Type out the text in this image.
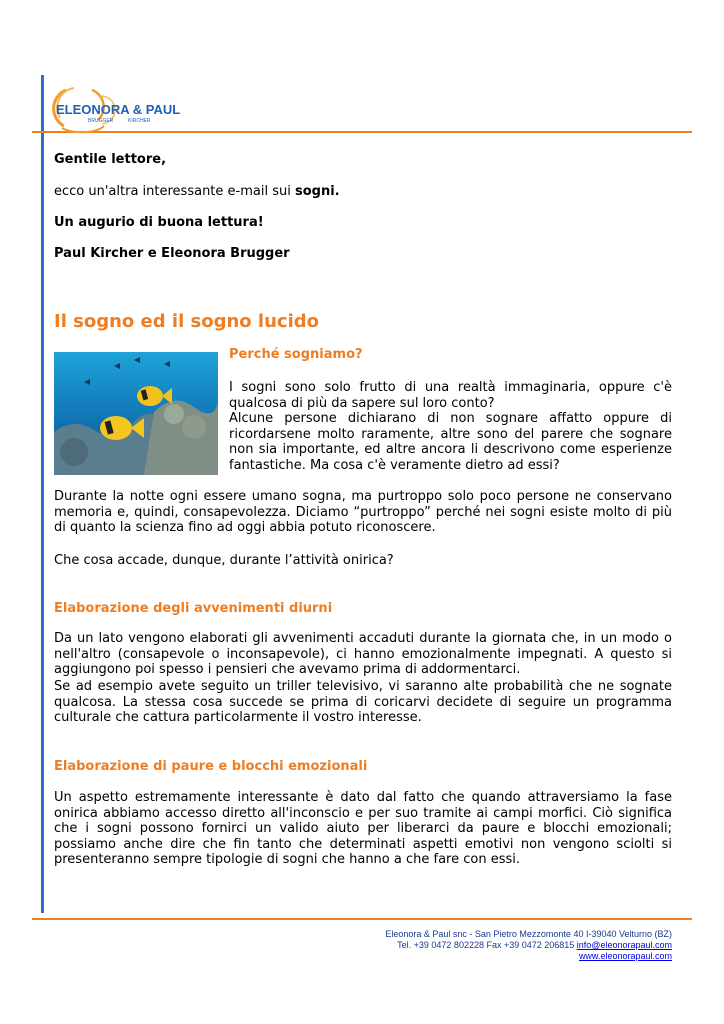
ELEONORA & PAUL
BRUGGER	KIRCHER

Gentile lettore,

ecco un'altra interessante e-mail sui sogni.

Un augurio di buona lettura!

Paul Kircher e Eleonora Brugger

Il sogno ed il sogno lucido

Perché sogniamo?

I sogni sono solo frutto di una realtà immaginaria, oppure c'è qualcosa di più da sapere sul loro conto?

Alcune persone dichiarano di non sognare affatto oppure di ricordarsene molto raramente, altre sono del parere che sognare non sia importante, ed altre ancora li descrivono come esperienze fantastiche. Ma cosa c'è veramente dietro ad essi?

Durante la notte ogni essere umano sogna, ma purtroppo solo poco persone ne conservano memoria e, quindi, consapevolezza. Diciamo “purtroppo” perché nei sogni esiste molto di più di quanto la scienza fino ad oggi abbia potuto riconoscere.

Che cosa accade, dunque, durante l’attività onirica?

Elaborazione degli avvenimenti diurni

Da un lato vengono elaborati gli avvenimenti accaduti durante la giornata che, in un modo o nell'altro (consapevole o inconsapevole), ci hanno emozionalmente impegnati. A questo si aggiungono poi spesso i pensieri che avevamo prima di addormentarci.

Se ad esempio avete seguito un triller televisivo, vi saranno alte probabilità che ne sognate qualcosa. La stessa cosa succede se prima di coricarvi decidete di seguire un programma culturale che cattura particolarmente il vostro interesse.

Elaborazione di paure e blocchi emozionali

Un aspetto estremamente interessante è dato dal fatto che quando attraversiamo la fase onirica abbiamo accesso diretto all'inconscio e per suo tramite ai campi morfici. Ciò significa che i sogni possono fornirci un valido aiuto per liberarci da paure e blocchi emozionali; possiamo anche dire che fin tanto che determinati aspetti emotivi non vengono sciolti si presenteranno sempre tipologie di sogni che hanno a che fare con essi.

Eleonora & Paul snc - San Pietro Mezzomonte 40 I-39040 Velturno (BZ)
Tel. +39 0472 802228 Fax +39 0472 206815 info@eleonorapaul.com
www.eleonorapaul.com
